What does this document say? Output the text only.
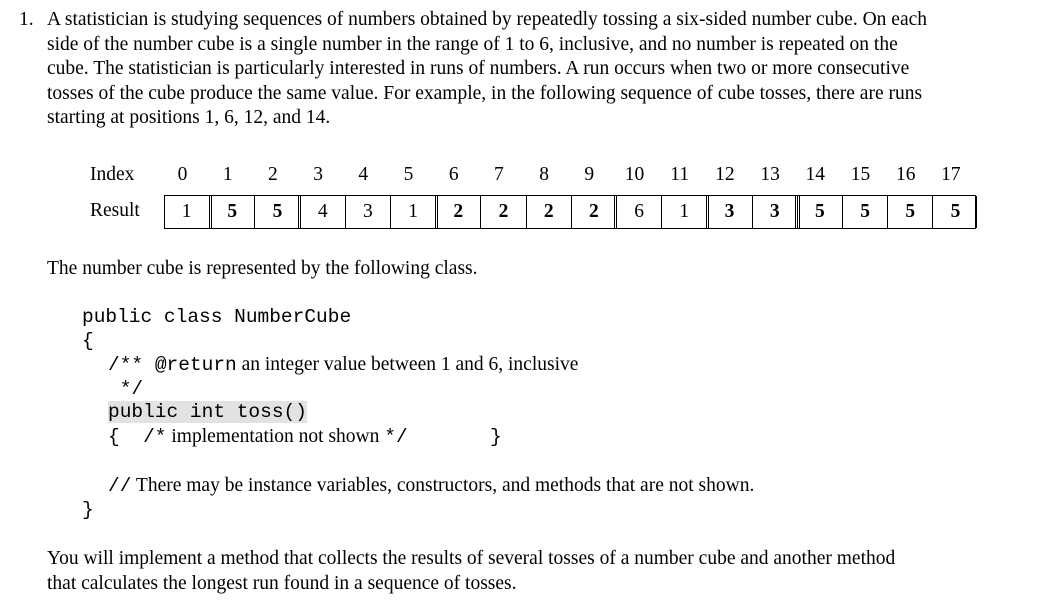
1. A statistician is studying sequences of numbers obtained by repeatedly tossing a six-sided number cube. On each
side of the number cube is a single number in the range of 1 to 6, inclusive, and no number is repeated on the
cube. The statistician is particularly interested in runs of numbers. A run occurs when two or more consecutive
tosses of the cube produce the same value. For example, in the following sequence of cube tosses, there are runs
starting at positions 1, 6, 12, and 14.
Index	0	1	2	3	4	5	6	7	8	9	10	11	12	13	14	15	16	17
Result	1	5	5	4	3	1	2	2	2	2	6	1	3	3	5	5	5	5
The number cube is represented by the following class.
public class NumberCube
{
/** @return an integer value between 1 and 6, inclusive
*/
public int toss()
{ /* implementation not shown */	}
// There may be instance variables, constructors, and methods that are not shown.
}
You will implement a method that collects the results of several tosses of a number cube and another method
that calculates the longest run found in a sequence of tosses.
